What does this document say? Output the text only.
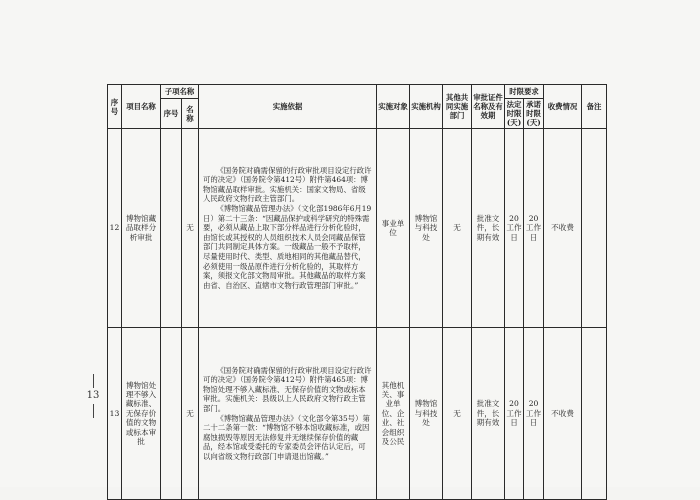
13
序号	项目名称	子项名称		实施依据	实施对象	实施机构	其他共同实施部门	审批证件名称及有效期	时限要求		收费情况	备注
		序号	名称						法定时限(天)	承诺时限(天)		
12	博物馆藏品取样分析审批		无	《国务院对确需保留的行政审批项目设定行政许可的决定》（国务院令第412号）附件第464项：博物馆藏品取样审批。实施机关：国家文物局、省级人民政府文物行政主管部门。

《博物馆藏品管理办法》（文化部1986年6月19日）第二十三条：“因藏品保护或科学研究的特殊需要，必须从藏品上取下部分样品进行分析化验时，由馆长或其授权的人员组织技术人员会同藏品保管部门共同制定具体方案。一级藏品一般不予取样，尽量使用时代、类型、质地相同的其他藏品替代，必须使用一级品原件进行分析化验的，其取样方案，须报文化部文物局审批。其他藏品的取样方案由省、自治区、直辖市文物行政管理部门审批。”	事业单位	博物馆与科技处	无	批准文件，长期有效	20工作日	20工作日	不收费	
13	博物馆处理不够入藏标准、无保存价值的文物或标本审批		无	《国务院对确需保留的行政审批项目设定行政许可的决定》（国务院令第412号）附件第465项：博物馆处理不够入藏标准、无保存价值的文物或标本审批。实施机关：县级以上人民政府文物行政主管部门。

《博物馆藏品管理办法》（文化部令第35号）第二十二条第一款：“博物馆不够本馆收藏标准，或因腐蚀损毁等原因无法修复并无继续保存价值的藏品，经本馆或受委托的专家委员会评估认定后，可以向省级文物行政部门申请退出馆藏。”	其他机关、事业单位、企业、社会组织及公民	博物馆与科技处	无	批准文件，长期有效	20工作日	20工作日	不收费	
